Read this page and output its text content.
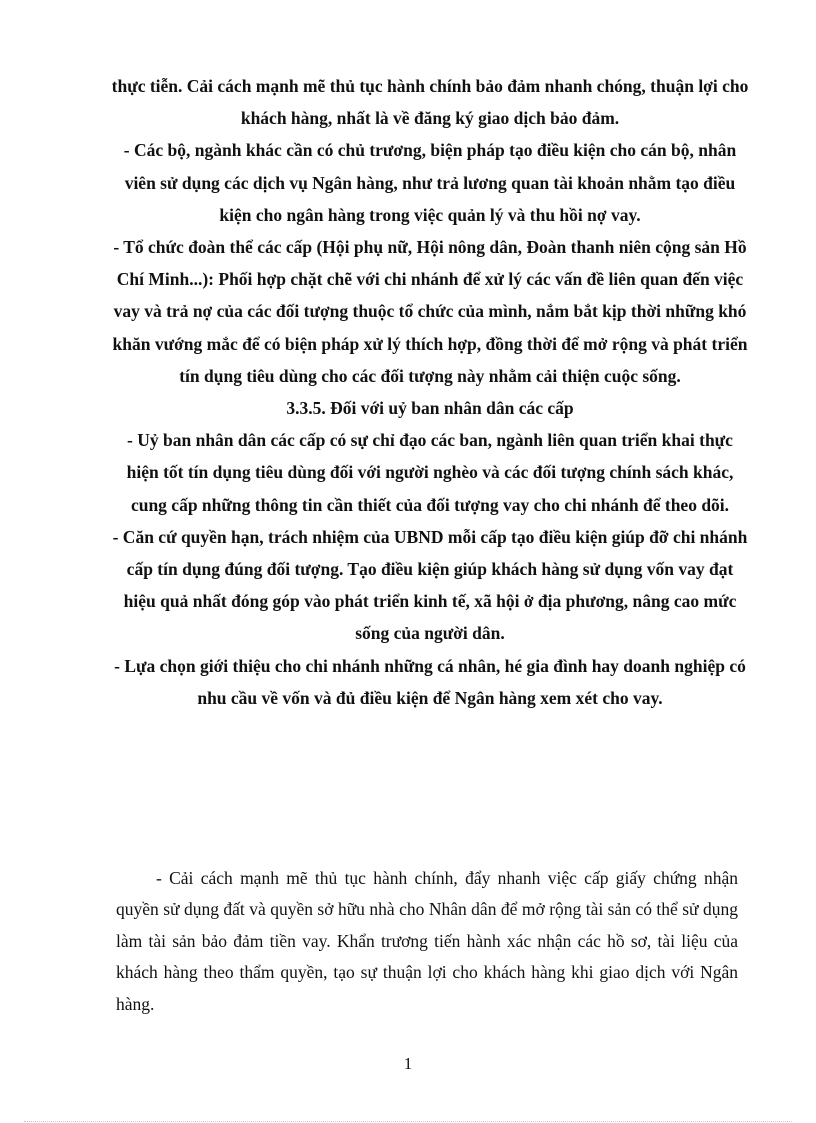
thực tiễn. Cải cách mạnh mẽ thủ tục hành chính bảo đảm nhanh chóng, thuận lợi cho khách hàng, nhất là về đăng ký giao dịch bảo đảm.

- Các bộ, ngành khác cần có chủ trương, biện pháp tạo điều kiện cho cán bộ, nhân viên sử dụng các dịch vụ Ngân hàng, như trả lương quan tài khoản nhằm tạo điều kiện cho ngân hàng trong việc quản lý và thu hồi nợ vay.

- Tổ chức đoàn thể các cấp (Hội phụ nữ, Hội nông dân, Đoàn thanh niên cộng sản Hồ Chí Minh...): Phối hợp chặt chẽ với chi nhánh để xử lý các vấn đề liên quan đến việc vay và trả nợ của các đối tượng thuộc tổ chức của mình, nắm bắt kịp thời những khó khăn vướng mắc để có biện pháp xử lý thích hợp, đồng thời để mở rộng và phát triển tín dụng tiêu dùng cho các đối tượng này nhằm cải thiện cuộc sống.

3.3.5. Đối với uỷ ban nhân dân các cấp

- Uỷ ban nhân dân các cấp có sự chỉ đạo các ban, ngành liên quan triển khai thực hiện tốt tín dụng tiêu dùng đối với người nghèo và các đối tượng chính sách khác, cung cấp những thông tin cần thiết của đối tượng vay cho chi nhánh để theo dõi.

- Căn cứ quyền hạn, trách nhiệm của UBND mỗi cấp tạo điều kiện giúp đỡ chi nhánh cấp tín dụng đúng đối tượng. Tạo điều kiện giúp khách hàng sử dụng vốn vay đạt hiệu quả nhất đóng góp vào phát triển kinh tế, xã hội ở địa phương, nâng cao mức sống của người dân.

- Lựa chọn giới thiệu cho chi nhánh những cá nhân, hé gia đình hay doanh nghiệp có nhu cầu về vốn và đủ điều kiện để Ngân hàng xem xét cho vay.

- Cải cách mạnh mẽ thủ tục hành chính, đẩy nhanh việc cấp giấy chứng nhận quyền sử dụng đất và quyền sở hữu nhà cho Nhân dân để mở rộng tài sản có thể sử dụng làm tài sản bảo đảm tiền vay. Khẩn trương tiến hành xác nhận các hồ sơ, tài liệu của khách hàng theo thẩm quyền, tạo sự thuận lợi cho khách hàng khi giao dịch với Ngân hàng.

1
